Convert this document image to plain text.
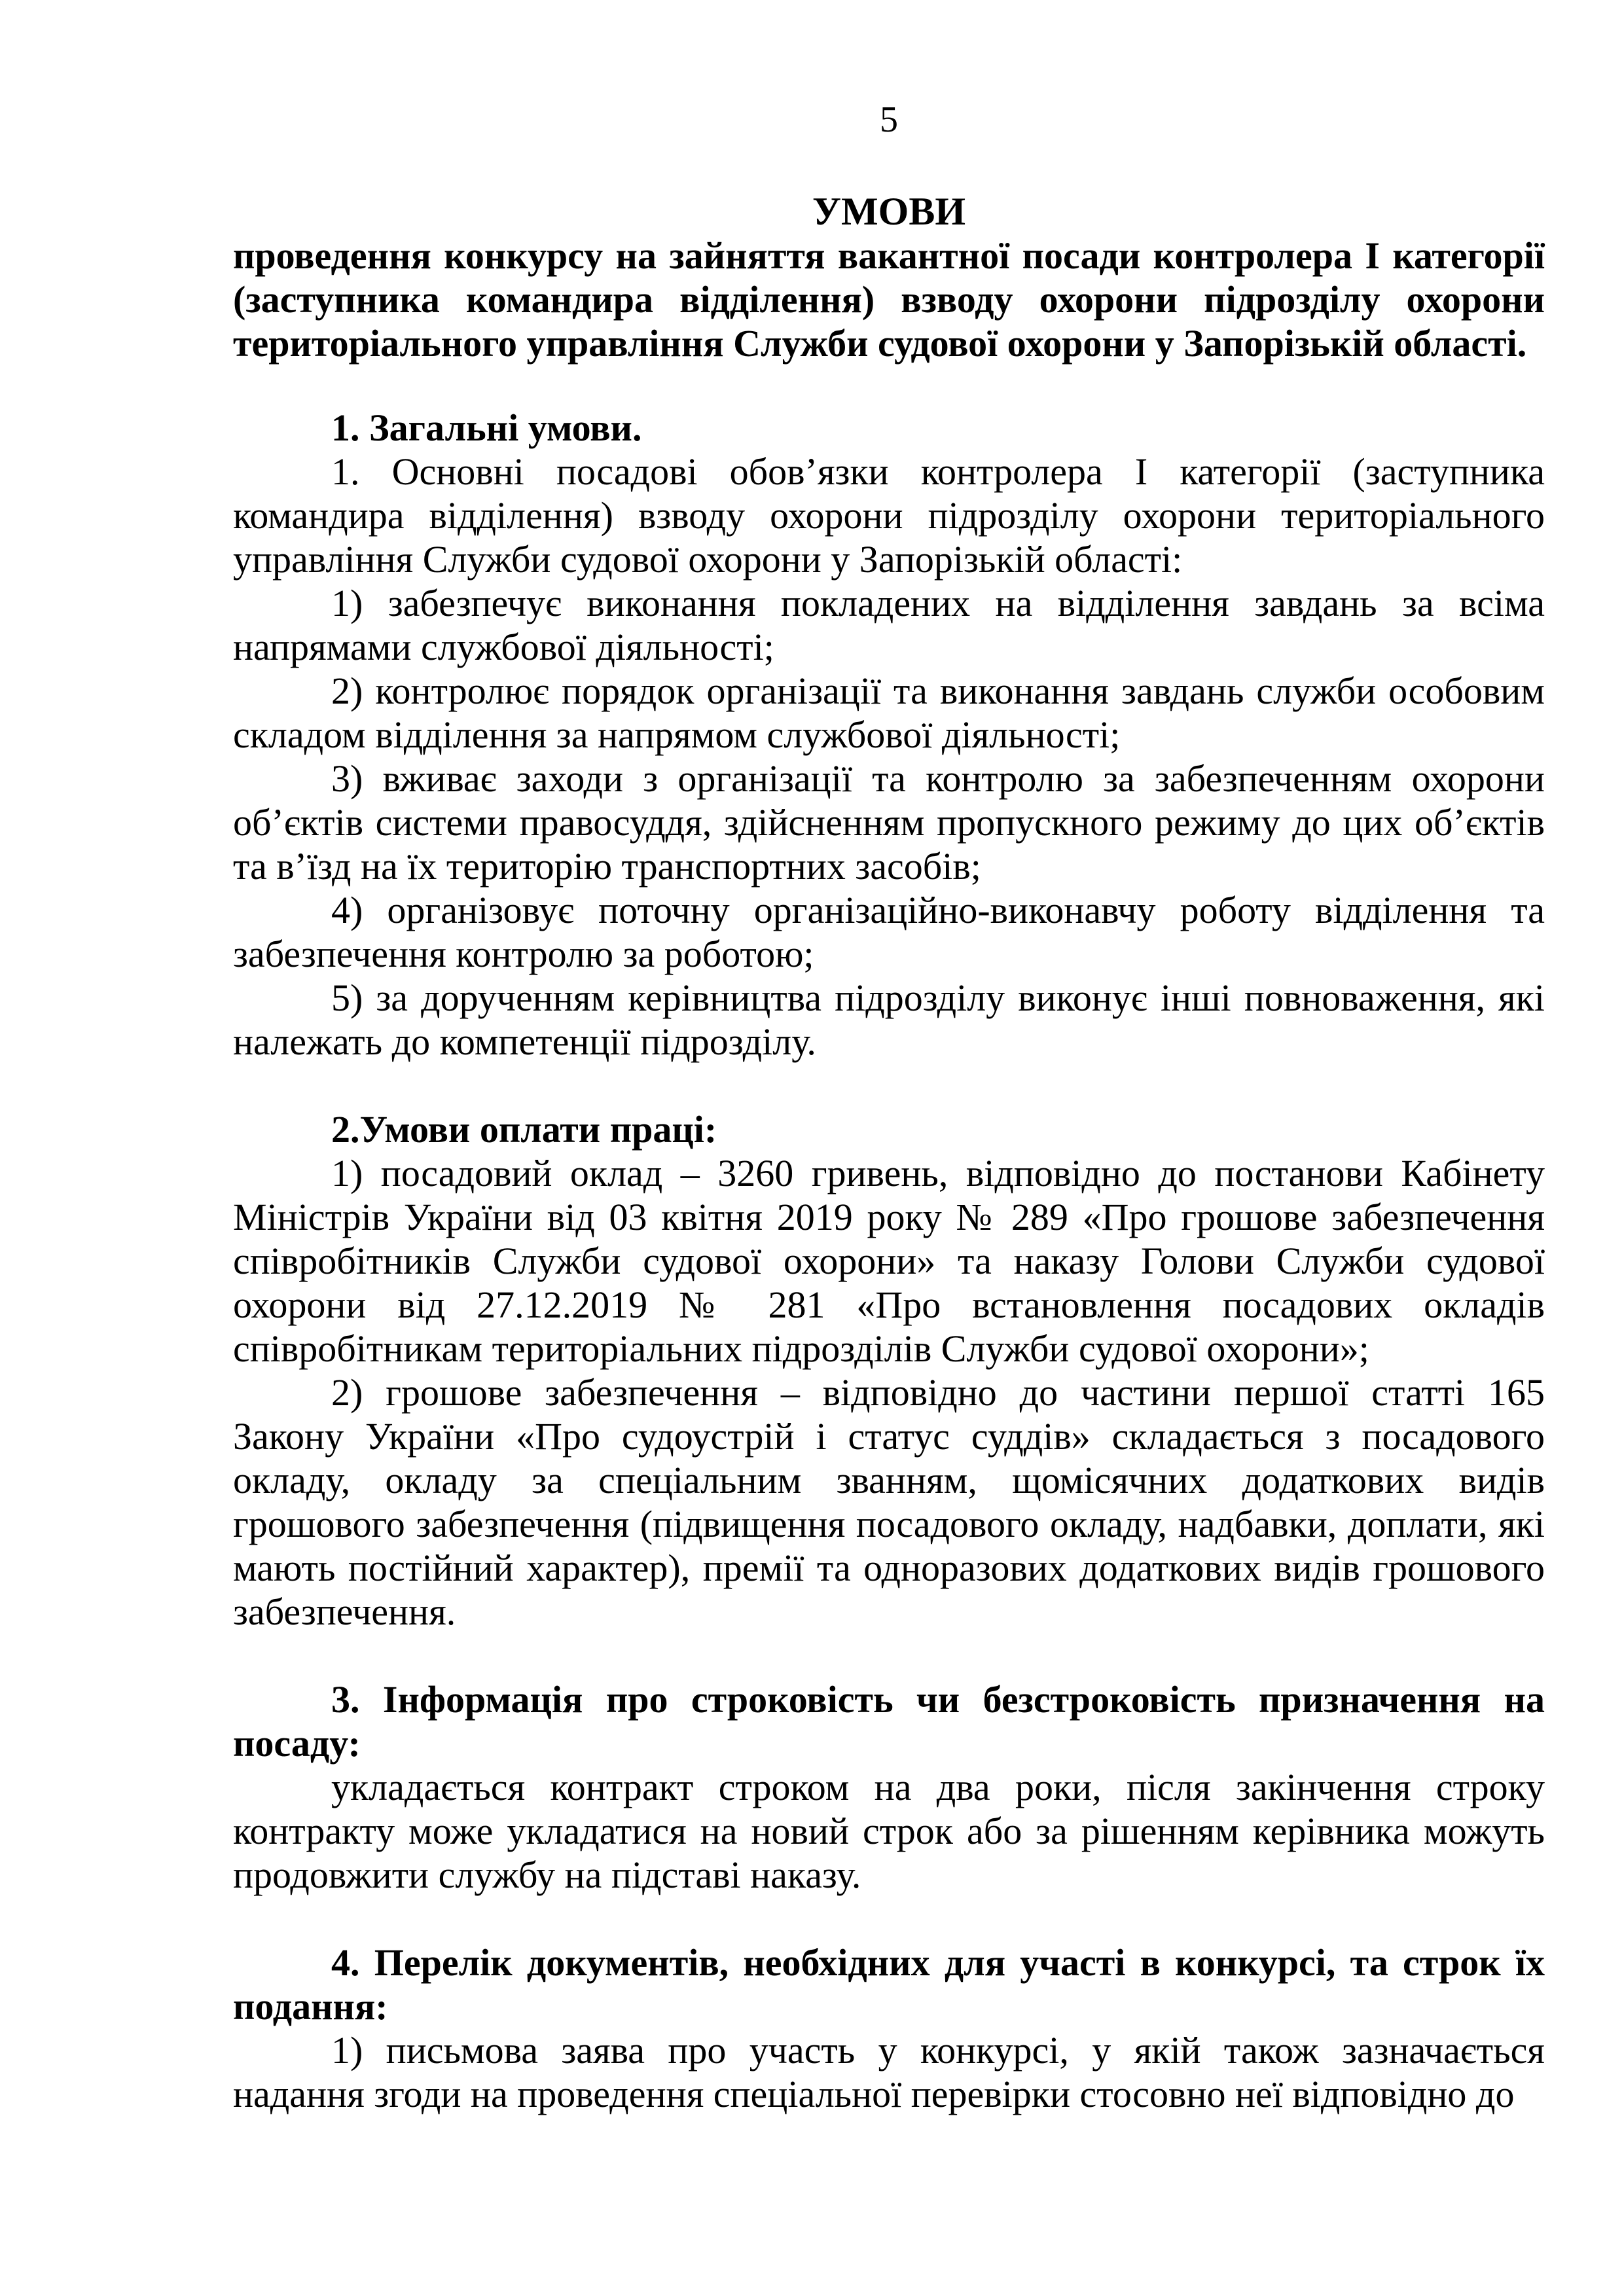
5
УМОВИ

проведення конкурсу на зайняття вакантної посади контролера І категорії (заступника командира відділення) взводу охорони підрозділу охорони територіального управління Служби судової охорони у Запорізькій області.

1. Загальні умови.

1. Основні посадові обов’язки контролера І категорії (заступника командира відділення) взводу охорони підрозділу охорони територіального управління Служби судової охорони у Запорізькій області:

1) забезпечує виконання покладених на відділення завдань за всіма напрямами службової діяльності;

2) контролює порядок організації та виконання завдань служби особовим складом відділення за напрямом службової діяльності;

3) вживає заходи з організації та контролю за забезпеченням охорони об’єктів системи правосуддя, здійсненням пропускного режиму до цих об’єктів та в’їзд на їх територію транспортних засобів;

4) організовує поточну організаційно-виконавчу роботу відділення та забезпечення контролю за роботою;

5) за дорученням керівництва підрозділу виконує інші повноваження, які належать до компетенції підрозділу.

2.Умови оплати праці:

1) посадовий оклад – 3260 гривень, відповідно до постанови Кабінету Міністрів України від 03 квітня 2019 року № 289 «Про грошове забезпечення співробітників Служби судової охорони» та наказу Голови Служби судової охорони від 27.12.2019 № 281 «Про встановлення посадових окладів співробітникам територіальних підрозділів Служби судової охорони»;

2) грошове забезпечення – відповідно до частини першої статті 165 Закону України «Про судоустрій і статус суддів» складається з посадового окладу, окладу за спеціальним званням, щомісячних додаткових видів грошового забезпечення (підвищення посадового окладу, надбавки, доплати, які мають постійний характер), премії та одноразових додаткових видів грошового забезпечення.

3. Інформація про строковість чи безстроковість призначення на посаду:

укладається контракт строком на два роки, після закінчення строку контракту може укладатися на новий строк або за рішенням керівника можуть продовжити службу на підставі наказу.

4. Перелік документів, необхідних для участі в конкурсі, та строк їх подання:

1) письмова заява про участь у конкурсі, у якій також зазначається надання згоди на проведення спеціальної перевірки стосовно неї відповідно до
